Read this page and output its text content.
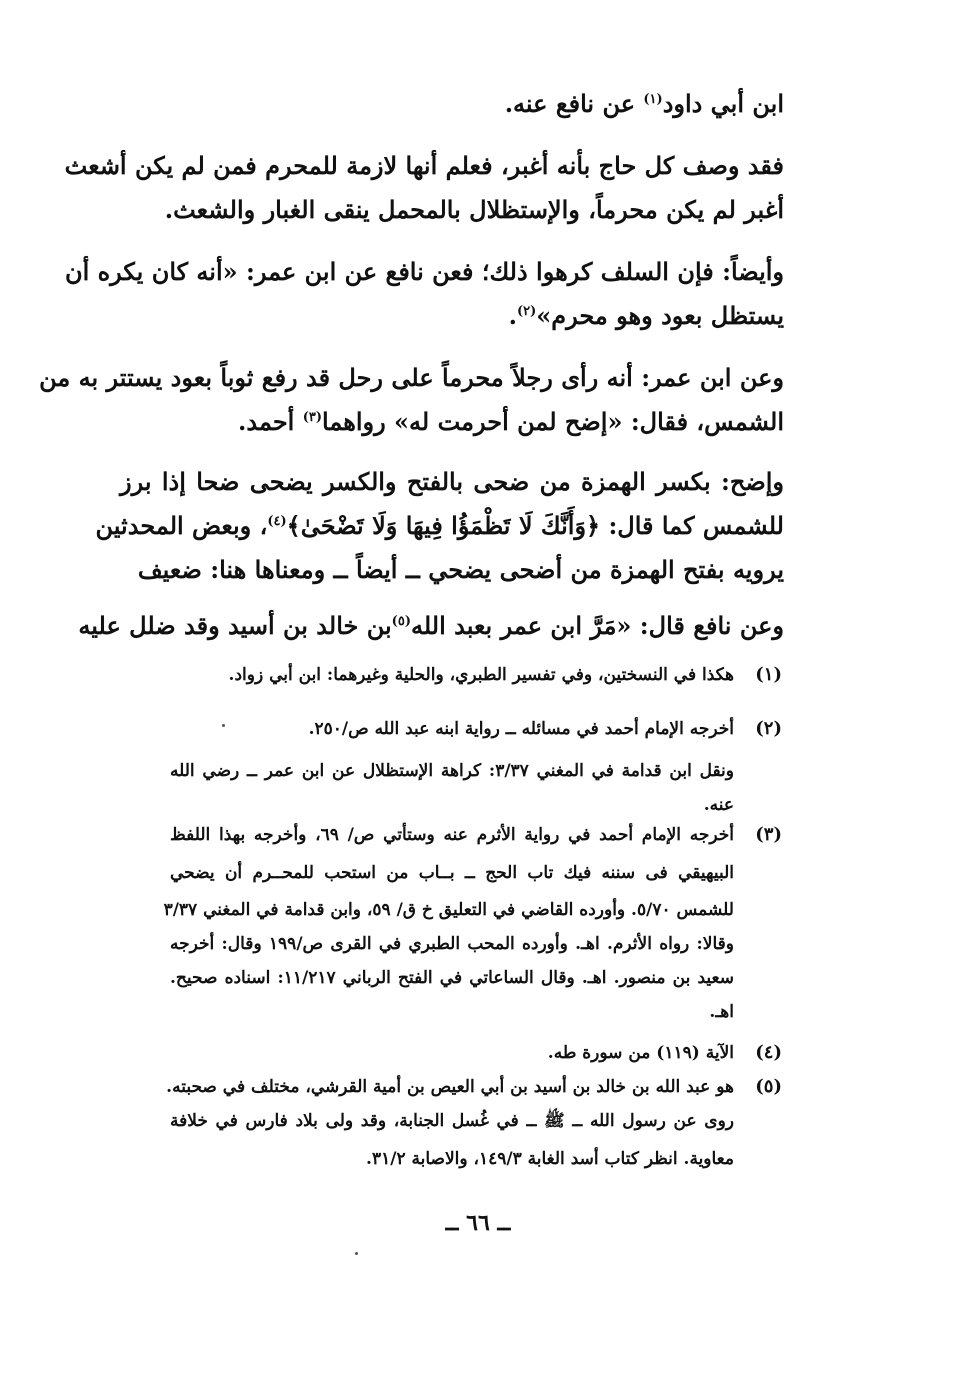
ابن أبي داود$^{(١)}$ عن نافع عنه.
فقد وصف كل حاج بأنه أغبر، فعلم أنها لازمة للمحرم فمن لم يكن أشعث
أغبر لم يكن محرماً، والإستظلال بالمحمل ينقى الغبار والشعث.
وأيضاً: فإن السلف كرهوا ذلك؛ فعن نافع عن ابن عمر: «أنه كان يكره أن
يستظل بعود وهو محرم»$^{(٢)}$.
وعن ابن عمر: أنه رأى رجلاً محرماً على رحل قد رفع ثوباً بعود يستتر به من
الشمس، فقال: «إضح لمن أحرمت له» رواهما$^{(٣)}$ أحمد.
وإضح: بكسر الهمزة من ضحى بالفتح والكسر يضحى ضحا إذا برز
للشمس كما قال: ﴿وَأَنَّكَ لَا تَظْمَؤُا فِيهَا وَلَا تَضْحَىٰ﴾$^{(٤)}$، وبعض المحدثين
يرويه بفتح الهمزة من أضحى يضحي ــ أيضاً ــ ومعناها هنا: ضعيف
وعن نافع قال: «مَرَّ ابن عمر بعبد الله$^{(٥)}$بن خالد بن أسيد وقد ضلل عليه
(١)
هكذا في النسختين، وفي تفسير الطبري، والحلية وغيرهما: ابن أبي زواد.
(٢)
أخرجه الإمام أحمد في مسائله ــ رواية ابنه عبد الله ص/٢٥٠.
ونقل ابن قدامة في المغني ٣/٣٧: كراهة الإستظلال عن ابن عمر ــ رضي الله
عنه.
(٣)
أخرجه الإمام أحمد في رواية الأثرم عنه وستأتي ص/ ٦٩، وأخرجه بهذا اللفظ
البيهيقي فى سننه فيك تاب الحج ــ بــاب من استحب للمحــرم أن يضحي
للشمس ٥/٧٠. وأورده القاضي في التعليق خ ق/ ٥٩، وابن قدامة في المغني ٣/٣٧
وقالا: رواه الأثرم. اهـ. وأورده المحب الطبري في القرى ص/١٩٩ وقال: أخرجه
سعيد بن منصور. اهـ. وقال الساعاتي في الفتح الرباني ١١/٢١٧: اسناده صحيح.
اهـ.
(٤)
الآية (١١٩) من سورة طه.
(٥)
هو عبد الله بن خالد بن أسيد بن أبي العيص بن أمية القرشي، مختلف في صحبته.
روى عن رسول الله ــ ﷺ ــ في غُسل الجنابة، وقد ولى بلاد فارس في خلافة
معاوية. انظر كتاب أسد الغابة ١٤٩/٣، والاصابة ٣١/٢.
ــ ٦٦ ــ
